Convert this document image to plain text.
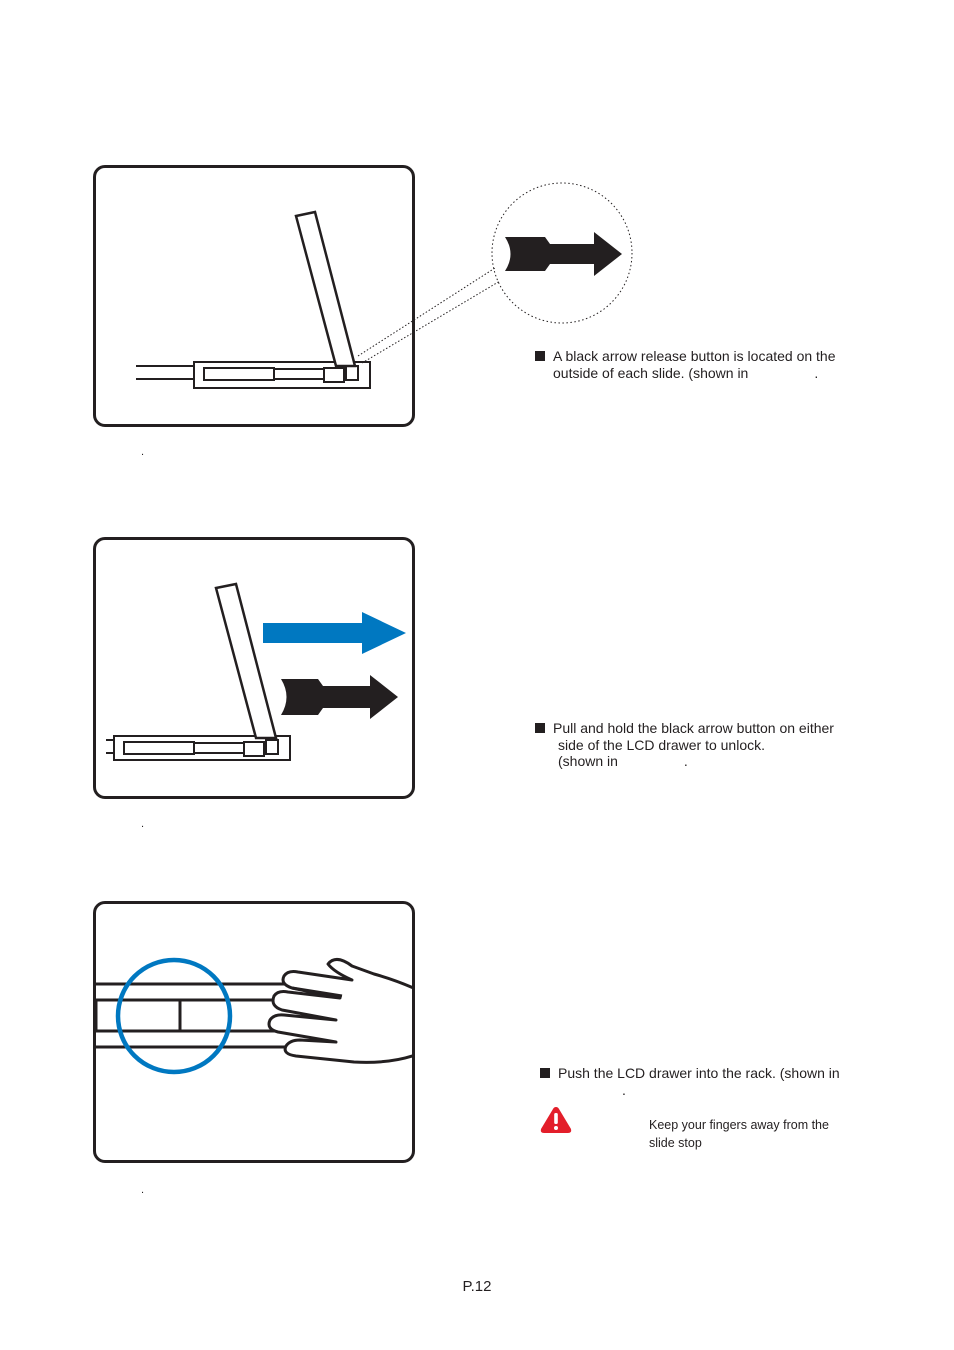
.
A black arrow release button is located on the
outside of each slide. (shown in	.
.
Pull and hold the black arrow button on either
side of the LCD drawer to unlock.
(shown in	.
.
Push the LCD drawer into the rack. (shown in
.
Keep your fingers away from the
slide stop
P.12
